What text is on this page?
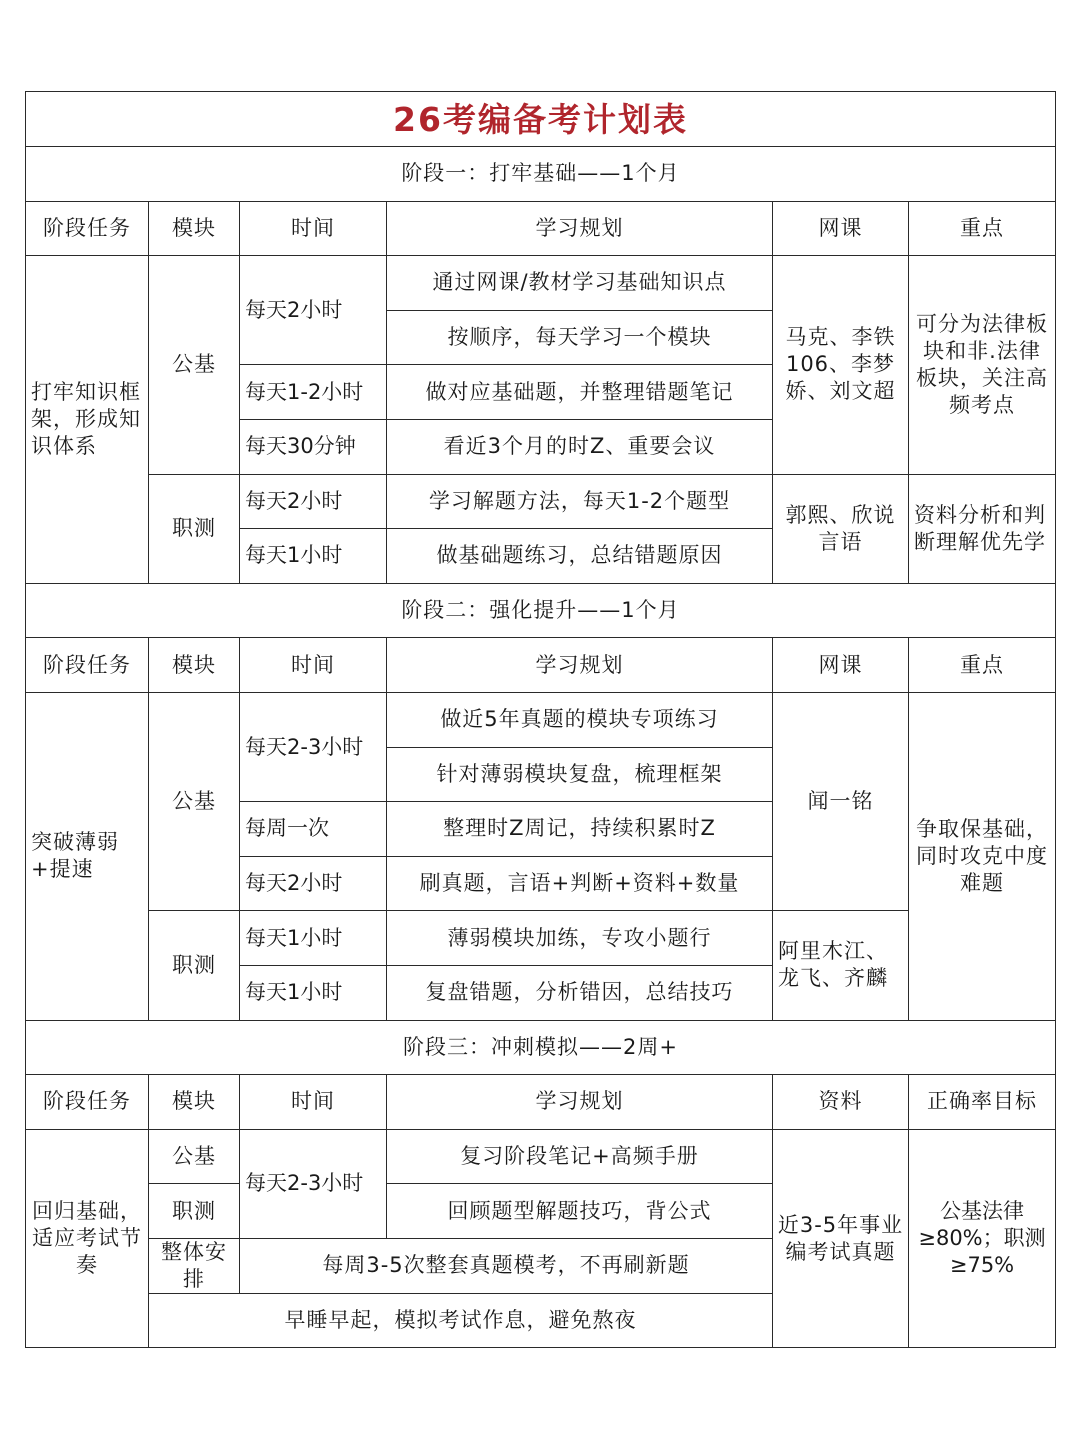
26考编备考计划表					
阶段一：打牢基础——1个月					
阶段任务	模块	时间	学习规划	网课	重点
打牢知识框架，形成知识体系	公基	每天2小时	通过网课/教材学习基础知识点	马克、李铁106、李梦娇、刘文超	可分为法律板块和非.法律板块，关注高频考点
			按顺序，每天学习一个模块		
		每天1-2小时	做对应基础题，并整理错题笔记		
		每天30分钟	看近3个月的时Z、重要会议		
	职测	每天2小时	学习解题方法，每天1-2个题型	郭熙、欣说言语	资料分析和判断理解优先学
		每天1小时	做基础题练习，总结错题原因		
阶段二：强化提升——1个月					
阶段任务	模块	时间	学习规划	网课	重点
突破薄弱+提速	公基	每天2-3小时	做近5年真题的模块专项练习	闻一铭	争取保基础，同时攻克中度难题
			针对薄弱模块复盘，梳理框架		
		每周一次	整理时Z周记，持续积累时Z		
		每天2小时	刷真题，言语+判断+资料+数量		
	职测	每天1小时	薄弱模块加练，专攻小题行	阿里木江、龙飞、齐麟	
		每天1小时	复盘错题，分析错因，总结技巧		
阶段三：冲刺模拟——2周+					
阶段任务	模块	时间	学习规划	资料	正确率目标
回归基础，适应考试节奏	公基	每天2-3小时	复习阶段笔记+高频手册	近3-5年事业编考试真题	公基法律≥80%；职测≥75%
	职测		回顾题型解题技巧，背公式		
	整体安排	每周3-5次整套真题模考，不再刷新题			
	早睡早起，模拟考试作息，避免熬夜				
